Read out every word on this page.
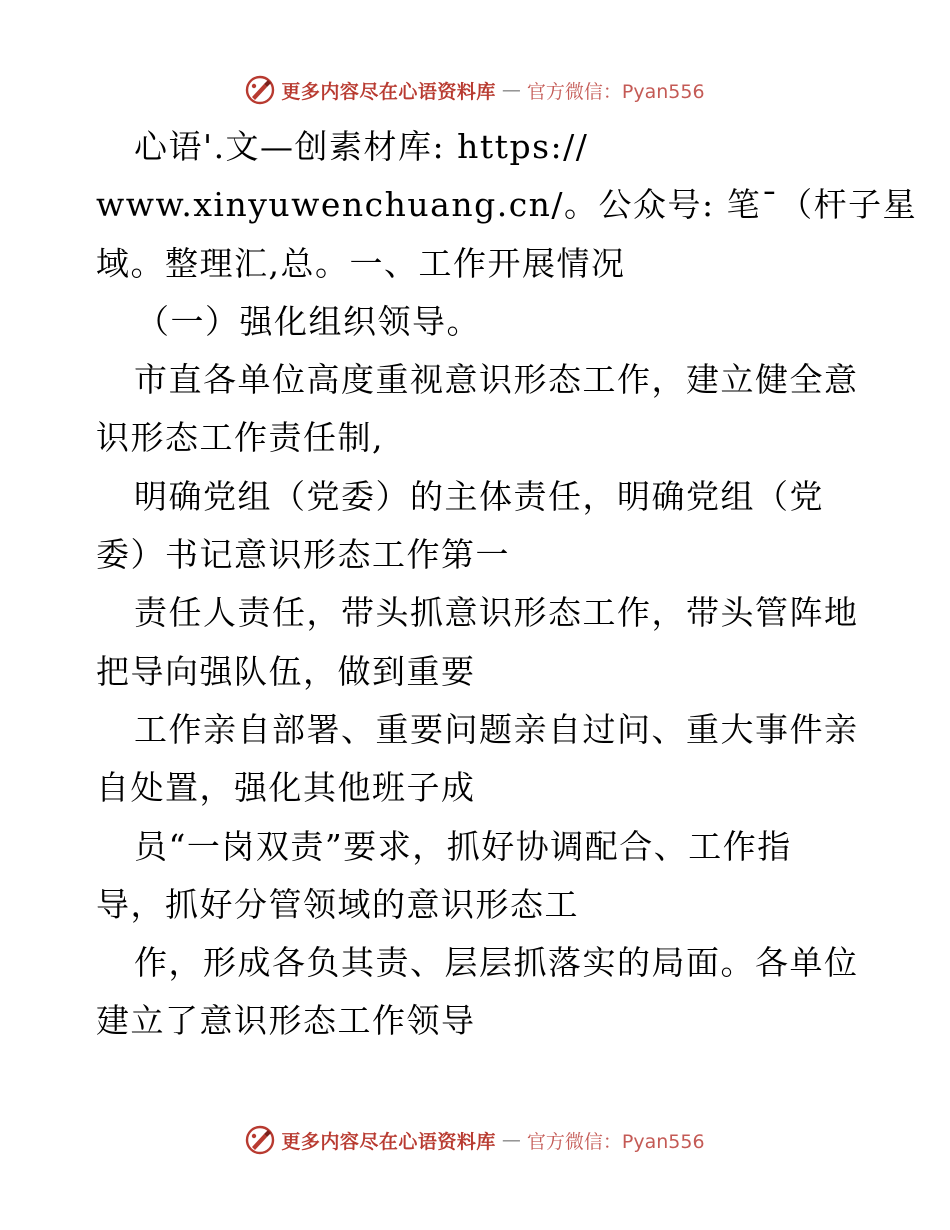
更多内容尽在心语资料库 — 官方微信：Pyan556
心语'.文—创素材库: https://
www.xinyuwenchuang.cn/。公众号: 笔¯（杆子星
域。整理汇,总。一、工作开展情况
（一）强化组织领导。
市直各单位高度重视意识形态工作，建立健全意
识形态工作责任制,
明确党组（党委）的主体责任，明确党组（党
委）书记意识形态工作第一
责任人责任，带头抓意识形态工作，带头管阵地
把导向强队伍，做到重要
工作亲自部署、重要问题亲自过问、重大事件亲
自处置，强化其他班子成
员“一岗双责”要求，抓好协调配合、工作指
导，抓好分管领域的意识形态工
作，形成各负其责、层层抓落实的局面。各单位
建立了意识形态工作领导
更多内容尽在心语资料库 — 官方微信：Pyan556
